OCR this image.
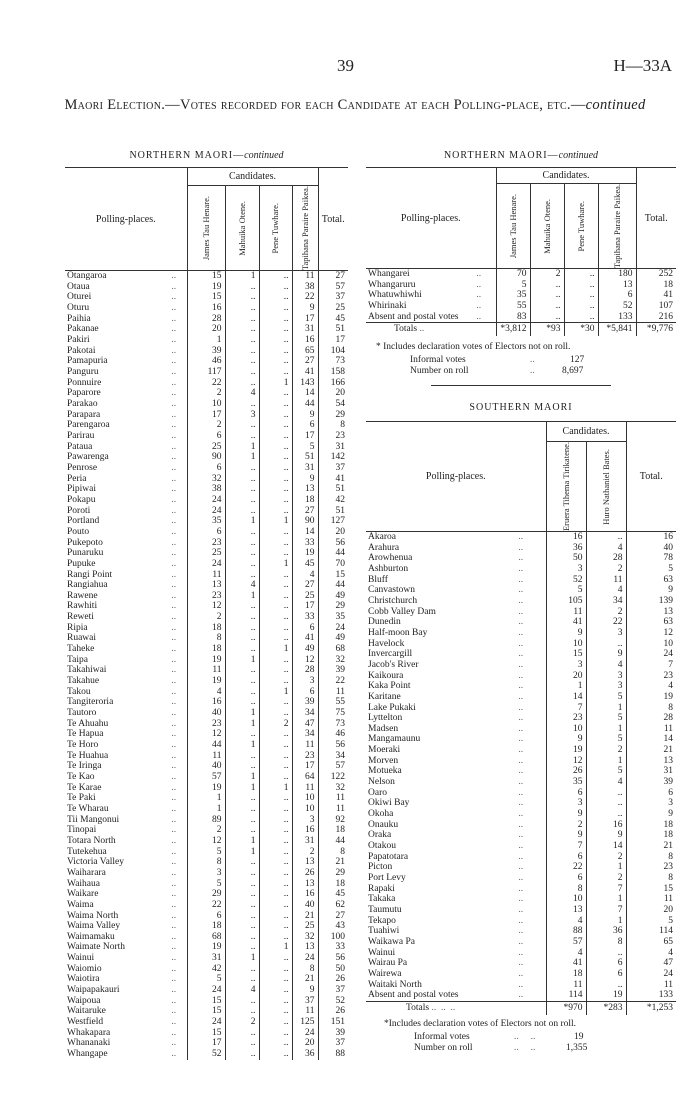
39	H—33A
Maori Election.—Votes recorded for each Candidate at each Polling-place, etc.—continued
NORTHERN MAORI—continued
Polling-places.		Candidates.				Total.

		James Tau Henare.	Mahuika Otene.	Pene Tuwhare.	Tapihana Paraire Paikea.	

Otangaroa	..	15	1	..	11	27
Otaua	..	19	..	..	38	57
Oturei	..	15	..	..	22	37
Oturu	..	16	..	..	9	25
Paihia	..	28	..	..	17	45
Pakanae	..	20	..	..	31	51
Pakiri	..	1	..	..	16	17
Pakotai	..	39	..	..	65	104
Pamapuria	..	46	..	..	27	73
Panguru	..	117	..	..	41	158
Ponnuire	..	22	..	1	143	166
Paparore	..	2	4	..	14	20
Parakao	..	10	..	..	44	54
Parapara	..	17	3	..	9	29
Parengaroa	..	2	..	..	6	8
Parirau	..	6	..	..	17	23
Pataua	..	25	1	..	5	31
Pawarenga	..	90	1	..	51	142
Penrose	..	6	..	..	31	37
Peria	..	32	..	..	9	41
Pipiwai	..	38	..	..	13	51
Pokapu	..	24	..	..	18	42
Poroti	..	24	..	..	27	51
Portland	..	35	1	1	90	127
Pouto	..	6	..	..	14	20
Pukepoto	..	23	..	..	33	56
Punaruku	..	25	..	..	19	44
Pupuke	..	24	..	1	45	70
Rangi Point	..	11	..	..	4	15
Rangiahua	..	13	4	..	27	44
Rawene	..	23	1	..	25	49
Rawhiti	..	12	..	..	17	29
Reweti	..	2	..	..	33	35
Ripia	..	18	..	..	6	24
Ruawai	..	8	..	..	41	49
Taheke	..	18	..	1	49	68
Taipa	..	19	1	..	12	32
Takahiwai	..	11	..	..	28	39
Takahue	..	19	..	..	3	22
Takou	..	4	..	1	6	11
Tangiteroria	..	16	..	..	39	55
Tautoro	..	40	1	..	34	75
Te Ahuahu	..	23	1	2	47	73
Te Hapua	..	12	..	..	34	46
Te Horo	..	44	1	..	11	56
Te Huahua	..	11	..	..	23	34
Te Iringa	..	40	..	..	17	57
Te Kao	..	57	1	..	64	122
Te Karae	..	19	1	1	11	32
Te Paki	..	1	..	..	10	11
Te Wharau	..	1	..	..	10	11
Tii Mangonui	..	89	..	..	3	92
Tinopai	..	2	..	..	16	18
Totara North	..	12	1	..	31	44
Tutekehua	..	5	1	..	2	8
Victoria Valley	..	8	..	..	13	21
Waiharara	..	3	..	..	26	29
Waihaua	..	5	..	..	13	18
Waikare	..	29	..	..	16	45
Waima	..	22	..	..	40	62
Waima North	..	6	..	..	21	27
Waima Valley	..	18	..	..	25	43
Waimamaku	..	68	..	..	32	100
Waimate North	..	19	..	1	13	33
Wainui	..	31	1	..	24	56
Waiomio	..	42	..	..	8	50
Waiotira	..	5	..	..	21	26
Waipapakauri	..	24	4	..	9	37
Waipoua	..	15	..	..	37	52
Waitaruke	..	15	..	..	11	26
Westfield	..	24	2	..	125	151
Whakapara	..	15	..	..	24	39
Whananaki	..	17	..	..	20	37
Whangape	..	52	..	..	36	88
NORTHERN MAORI—continued
Polling-places.		Candidates.				Total.

		James Tau Henare.	Mahuika Otene.	Pene Tuwhare.	Tapihana Paraire Paikea.	

Whangarei	..	70	2	..	180	252
Whangaruru	..	5	..	..	13	18
Whatuwhiwhi	..	35	..	..	6	41
Whirinaki	..	55	..	..	52	107
Absent and postal votes	..	83	..	..	133	216
Totals ..		*3,812	*93	*30	*5,841	*9,776
* Includes declaration votes of Electors not on roll.
Informal votes	..	127
Number on roll	..	8,697
SOUTHERN MAORI
Polling-places.		Candidates.		Total.

		Eruera Tihema Tirikatene.	Huro Nathaniel Bates.	

Akaroa	..	16	..	16
Arahura	..	36	4	40
Arowhenua	..	50	28	78
Ashburton	..	3	2	5
Bluff	..	52	11	63
Canvastown	..	5	4	9
Christchurch	..	105	34	139
Cobb Valley Dam	..	11	2	13
Dunedin	..	41	22	63
Half-moon Bay	..	9	3	12
Havelock	..	10	..	10
Invercargill	..	15	9	24
Jacob's River	..	3	4	7
Kaikoura	..	20	3	23
Kaka Point	..	1	3	4
Karitane	..	14	5	19
Lake Pukaki	..	7	1	8
Lyttelton	..	23	5	28
Madsen	..	10	1	11
Mangamaunu	..	9	5	14
Moeraki	..	19	2	21
Morven	..	12	1	13
Motueka	..	26	5	31
Nelson	..	35	4	39
Oaro	..	6	..	6
Okiwi Bay	..	3	..	3
Okoha	..	9	..	9
Onauku	..	2	16	18
Oraka	..	9	9	18
Otakou	..	7	14	21
Papatotara	..	6	2	8
Picton	..	22	1	23
Port Levy	..	6	2	8
Rapaki	..	8	7	15
Takaka	..	10	1	11
Taumutu	..	13	7	20
Tekapo	..	4	1	5
Tuahiwi	..	88	36	114
Waikawa Pa	..	57	8	65
Wainui	..	4	..	4
Wairau Pa	..	41	6	47
Wairewa	..	18	6	24
Waitaki North	..	11	..	11
Absent and postal votes	..	114	19	133
Totals ..  ..  ..		*970	*283	*1,253
*Includes declaration votes of Electors not on roll.
Informal votes	..     ..	19
Number on roll	..     ..	1,355
